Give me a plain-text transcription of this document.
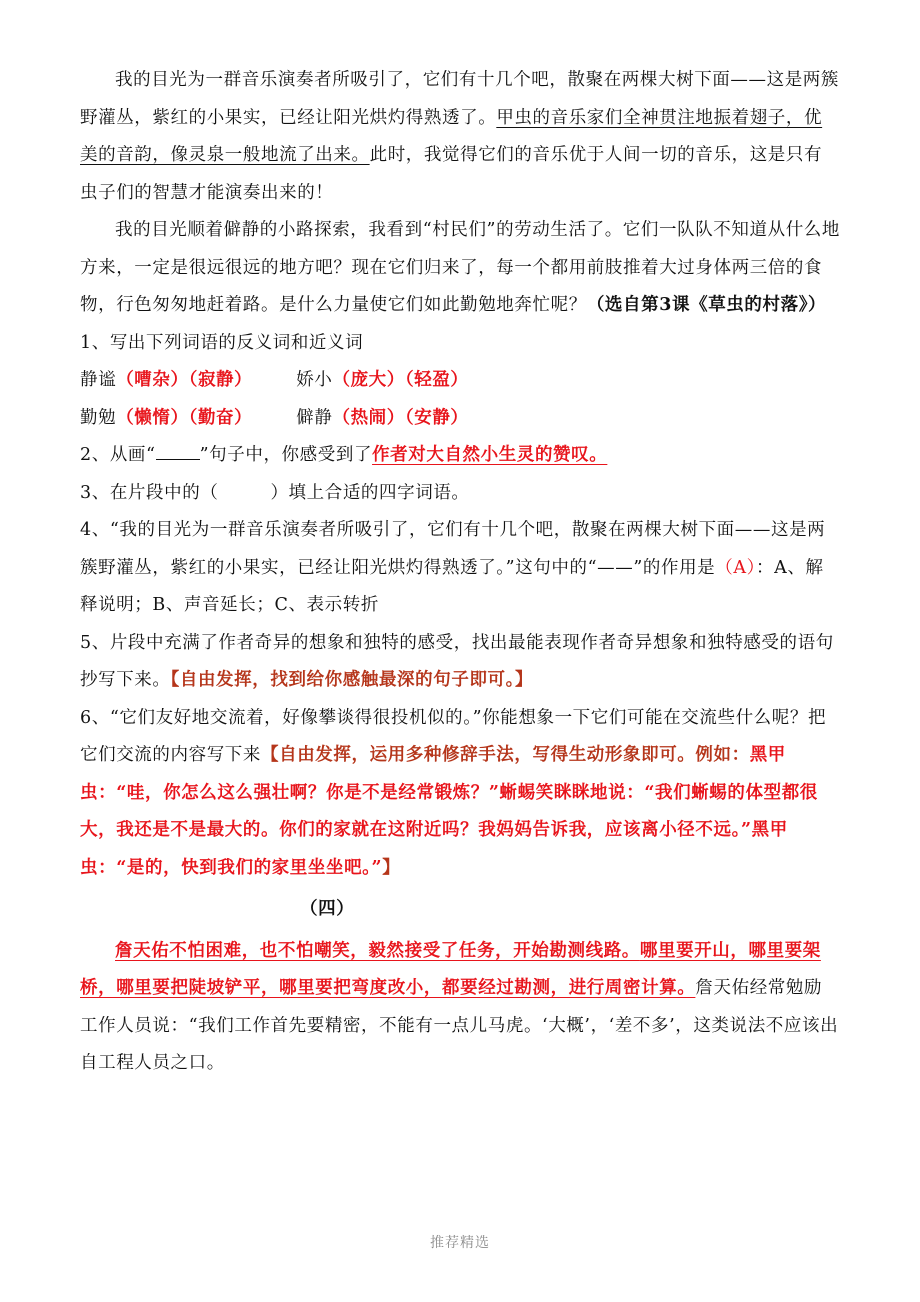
我的目光为一群音乐演奏者所吸引了，它们有十几个吧，散聚在两棵大树下面——这是两簇野灌丛，紫红的小果实，已经让阳光烘灼得熟透了。甲虫的音乐家们全神贯注地振着翅子，优美的音韵，像灵泉一般地流了出来。此时，我觉得它们的音乐优于人间一切的音乐，这是只有虫子们的智慧才能演奏出来的！

我的目光顺着僻静的小路探索，我看到“村民们”的劳动生活了。它们一队队不知道从什么地方来，一定是很远很远的地方吧？现在它们归来了，每一个都用前肢推着大过身体两三倍的食物，行色匆匆地赶着路。是什么力量使它们如此勤勉地奔忙呢？（选自第3课《草虫的村落》）

1、写出下列词语的反义词和近义词

静谧（嘈杂）（寂静）	娇小（庞大）（轻盈）

勤勉（懒惰）（勤奋）	僻静（热闹）（安静）

2、从画“	”句子中，你感受到了作者对大自然小生灵的赞叹。

3、在片段中的（	）填上合适的四字词语。

4、“我的目光为一群音乐演奏者所吸引了，它们有十几个吧，散聚在两棵大树下面——这是两簇野灌丛，紫红的小果实，已经让阳光烘灼得熟透了。”这句中的“——”的作用是（A）：A、解释说明；B、声音延长；C、表示转折

5、片段中充满了作者奇异的想象和独特的感受，找出最能表现作者奇异想象和独特感受的语句抄写下来。【自由发挥，找到给你感触最深的句子即可。】

6、“它们友好地交流着，好像攀谈得很投机似的。”你能想象一下它们可能在交流些什么呢？把它们交流的内容写下来【自由发挥，运用多种修辞手法，写得生动形象即可。例如：黑甲虫：“哇，你怎么这么强壮啊？你是不是经常锻炼？”蜥蜴笑眯眯地说：“我们蜥蜴的体型都很大，我还是不是最大的。你们的家就在这附近吗？我妈妈告诉我，应该离小径不远。”黑甲虫：“是的，快到我们的家里坐坐吧。”】

（四）

詹天佑不怕困难，也不怕嘲笑，毅然接受了任务，开始勘测线路。哪里要开山，哪里要架桥，哪里要把陡坡铲平，哪里要把弯度改小，都要经过勘测，进行周密计算。詹天佑经常勉励工作人员说：“我们工作首先要精密，不能有一点儿马虎。‘大概’，‘差不多’，这类说法不应该出自工程人员之口。

推荐精选
